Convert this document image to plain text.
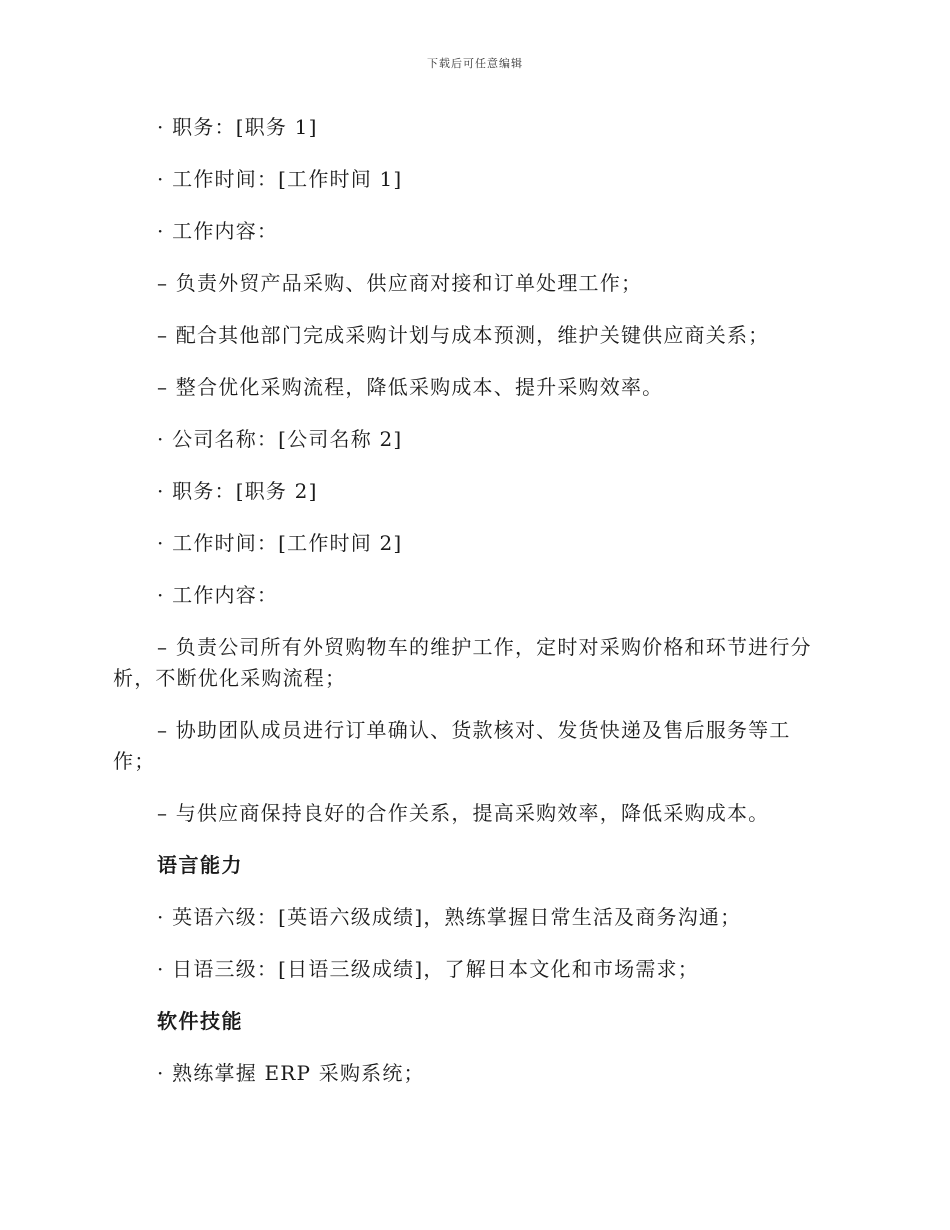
下载后可任意编辑

· 职务：[职务 1]

· 工作时间：[工作时间 1]

· 工作内容：

– 负责外贸产品采购、供应商对接和订单处理工作；

– 配合其他部门完成采购计划与成本预测，维护关键供应商关系；

– 整合优化采购流程，降低采购成本、提升采购效率。

· 公司名称：[公司名称 2]

· 职务：[职务 2]

· 工作时间：[工作时间 2]

· 工作内容：

– 负责公司所有外贸购物车的维护工作，定时对采购价格和环节进行分析，不断优化采购流程；

– 协助团队成员进行订单确认、货款核对、发货快递及售后服务等工作；

– 与供应商保持良好的合作关系，提高采购效率，降低采购成本。

语言能力

· 英语六级：[英语六级成绩]，熟练掌握日常生活及商务沟通；

· 日语三级：[日语三级成绩]，了解日本文化和市场需求；

软件技能

· 熟练掌握 ERP 采购系统；
